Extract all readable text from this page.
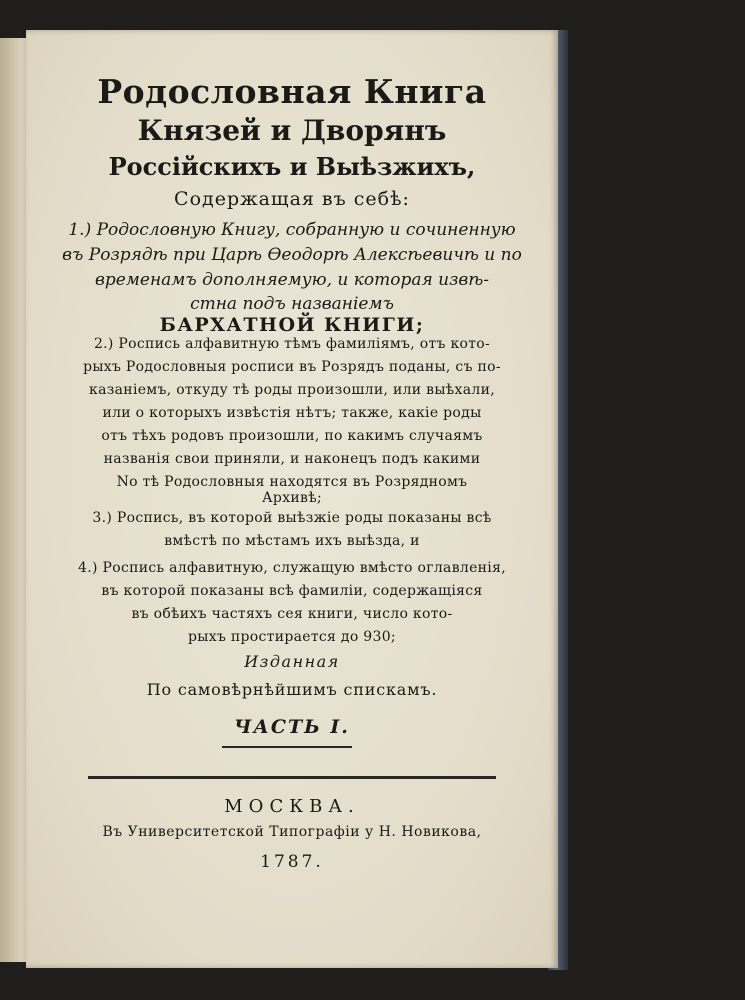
Родословная Книга
Князей и Дворянъ
Россійскихъ и Выѣзжихъ,
Содержащая въ себѣ:
1.) Родословную Книгу, собранную и сочиненную
въ Розрядѣ при Царѣ Ѳеодорѣ Алексѣевичѣ и по
временамъ дополняемую, и которая извѣ-
стна подъ названіемъ
БАРХАТНОЙ КНИГИ;
2.) Роспись алфавитную тѣмъ фамиліямъ, отъ кото-
рыхъ Родословныя росписи въ Розрядъ поданы, съ по-
казаніемъ, откуду тѣ роды произошли, или выѣхали,
или о которыхъ извѣстія нѣтъ; также, какіе роды
отъ тѣхъ родовъ произошли, по какимъ случаямъ
названія свои приняли, и наконецъ подъ какими
No тѣ Родословныя находятся въ Розрядномъ
Архивѣ;
3.) Роспись, въ которой выѣзжіе роды показаны всѣ
вмѣстѣ по мѣстамъ ихъ выѣзда, и
4.) Роспись алфавитную, служащую вмѣсто оглавленія,
въ которой показаны всѣ фамиліи, содержащіяся
въ обѣихъ частяхъ сея книги, число кото-
рыхъ простирается до 930;
Изданная
По самовѣрнѣйшимъ спискамъ.
ЧАСТЬ I.
МОСКВА.
Въ Университетской Типографіи у Н. Новикова,
1787.
